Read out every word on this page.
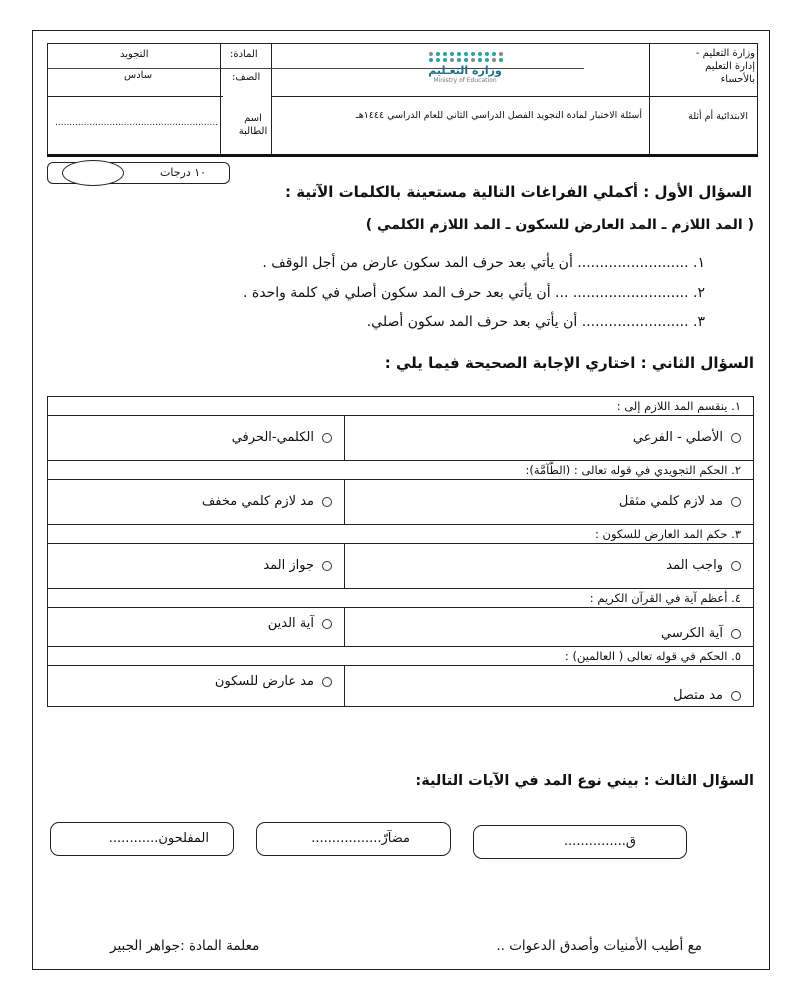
وزارة التعليم -
إدارة التعليم
بالأحساء
الابتدائية أم أثلة
وزارة التعـليم
Ministry of Education
أسئلة الاختبار لمادة التجويد الفصل الدراسي الثاني للعام الدراسي ١٤٤٤هـ
المادة:
التجويد
الصف:
سادس
اسم الطالبة
.........................................................
١٠ درجات
السؤال الأول : أكملي الفراغات التالية مستعينة بالكلمات الآتية :
( المد اللازم ـ المد العارض للسكون ـ المد اللازم الكلمي )
١. ......................... أن يأتي بعد حرف المد سكون عارض من أجل الوقف .
٢. .......................... ... أن يأتي بعد حرف المد سكون أصلي في كلمة واحدة .
٣. ........................ أن يأتي بعد حرف المد سكون أصلي.
السؤال الثاني : اختاري الإجابة الصحيحة فيما يلي :
١. ينقسم المد اللازم إلى :
الأصلي - الفرعي
الكلمي-الحرفي
٢. الحكم التجويدي في قوله تعالى : (الطَّآمَّة):
مد لازم كلمي مثقل
مد لازم كلمي مخفف
٣. حكم المد العارض للسكون :
واجب المد
جواز المد
٤. أعظم آية في القرآن الكريم :
آية الكرسي
آية الدين
٥. الحكم في قوله تعالى ( العالمين) :
مد متصل
مد عارض للسكون
السؤال الثالث : بيني نوع المد في الآيات التالية:
ق...............
مضآرّ.................
المفلحون............
مع أطيب الأمنيات وأصدق الدعوات ..
معلمة المادة :جواهر الجبير
